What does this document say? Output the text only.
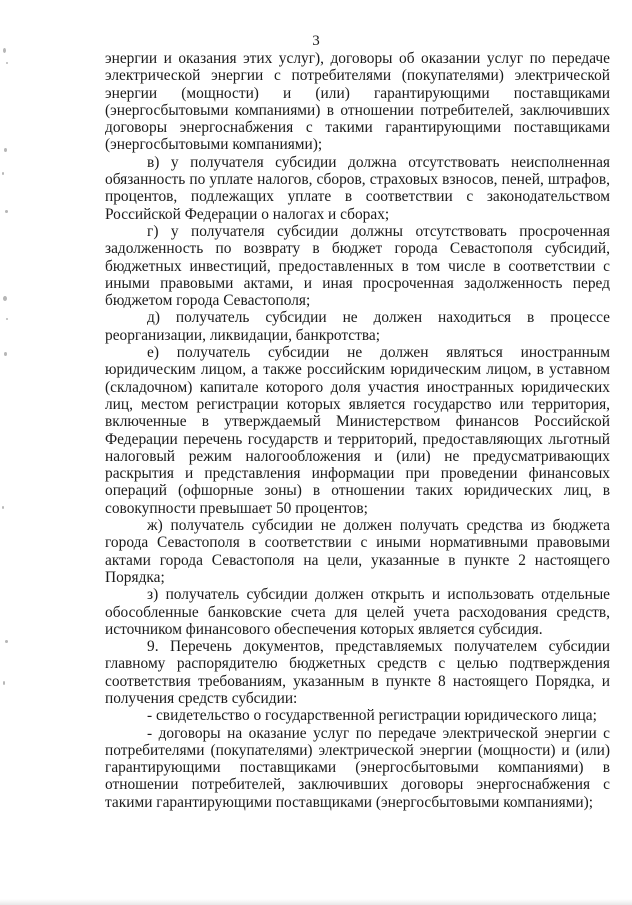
3

энергии и оказания этих услуг), договоры об оказании услуг по передаче электрической энергии с потребителями (покупателями) электрической энергии (мощности) и (или) гарантирующими поставщиками (энергосбытовыми компаниями) в отношении потребителей, заключивших договоры энергоснабжения с такими гарантирующими поставщиками (энергосбытовыми компаниями);

в) у получателя субсидии должна отсутствовать неисполненная обязанность по уплате налогов, сборов, страховых взносов, пеней, штрафов, процентов, подлежащих уплате в соответствии с законодательством Российской Федерации о налогах и сборах;

г) у получателя субсидии должны отсутствовать просроченная задолженность по возврату в бюджет города Севастополя субсидий, бюджетных инвестиций, предоставленных в том числе в соответствии с иными правовыми актами, и иная просроченная задолженность перед бюджетом города Севастополя;

д) получатель субсидии не должен находиться в процессе реорганизации, ликвидации, банкротства;

е) получатель субсидии не должен являться иностранным юридическим лицом, а также российским юридическим лицом, в уставном (складочном) капитале которого доля участия иностранных юридических лиц, местом регистрации которых является государство или территория, включенные в утверждаемый Министерством финансов Российской Федерации перечень государств и территорий, предоставляющих льготный налоговый режим налогообложения и (или) не предусматривающих раскрытия и представления информации при проведении финансовых операций (офшорные зоны) в отношении таких юридических лиц, в совокупности превышает 50 процентов;

ж) получатель субсидии не должен получать средства из бюджета города Севастополя в соответствии с иными нормативными правовыми актами города Севастополя на цели, указанные в пункте 2 настоящего Порядка;

з) получатель субсидии должен открыть и использовать отдельные обособленные банковские счета для целей учета расходования средств, источником финансового обеспечения которых является субсидия.

9. Перечень документов, представляемых получателем субсидии главному распорядителю бюджетных средств с целью подтверждения соответствия требованиям, указанным в пункте 8 настоящего Порядка, и получения средств субсидии:

- свидетельство о государственной регистрации юридического лица;

- договоры на оказание услуг по передаче электрической энергии с потребителями (покупателями) электрической энергии (мощности) и (или) гарантирующими поставщиками (энергосбытовыми компаниями) в отношении потребителей, заключивших договоры энергоснабжения с такими гарантирующими поставщиками (энергосбытовыми компаниями);
